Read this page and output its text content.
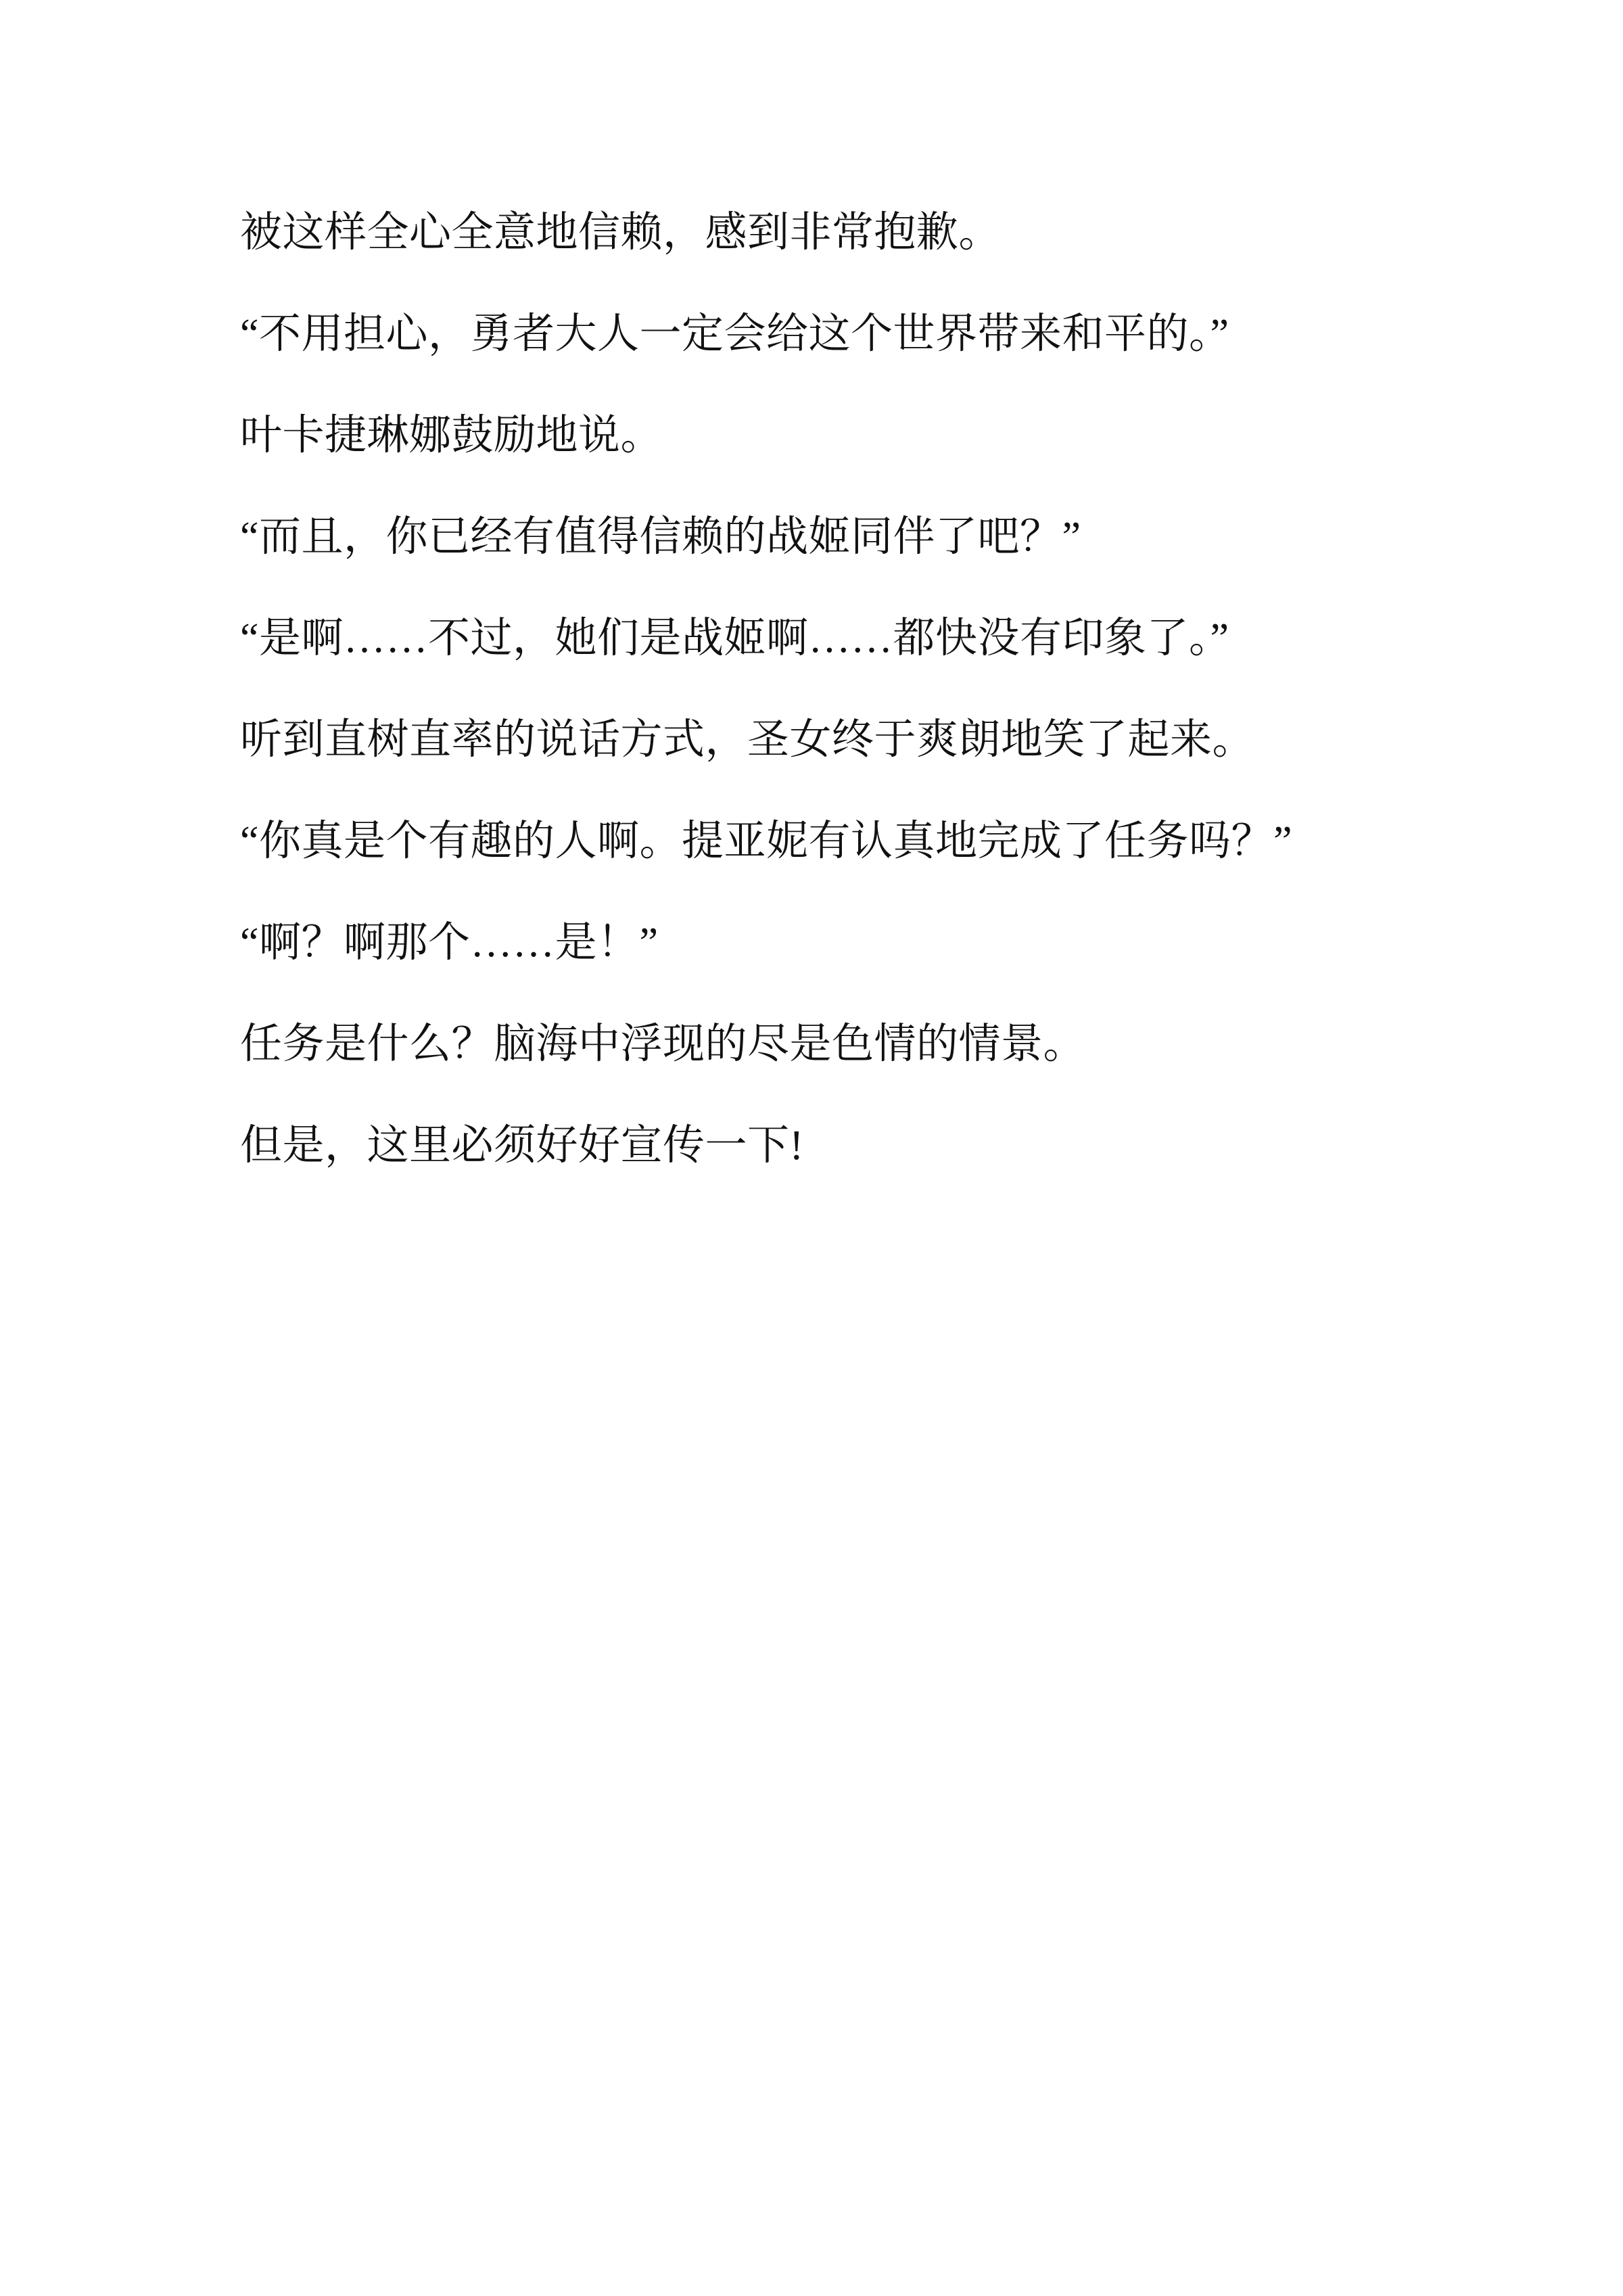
被这样全心全意地信赖，感到非常抱歉。

“不用担心，勇者大人一定会给这个世界带来和平的。”

叶卡捷琳娜鼓励地说。

“而且，你已经有值得信赖的战姬同伴了吧？”

“是啊……不过，她们是战姬啊……都快没有印象了。”

听到直树直率的说话方式，圣女终于爽朗地笑了起来。

“你真是个有趣的人啊。提亚妮有认真地完成了任务吗？”

“啊？啊那个……是！”

任务是什么？脑海中浮现的尽是色情的情景。

但是，这里必须好好宣传一下!
